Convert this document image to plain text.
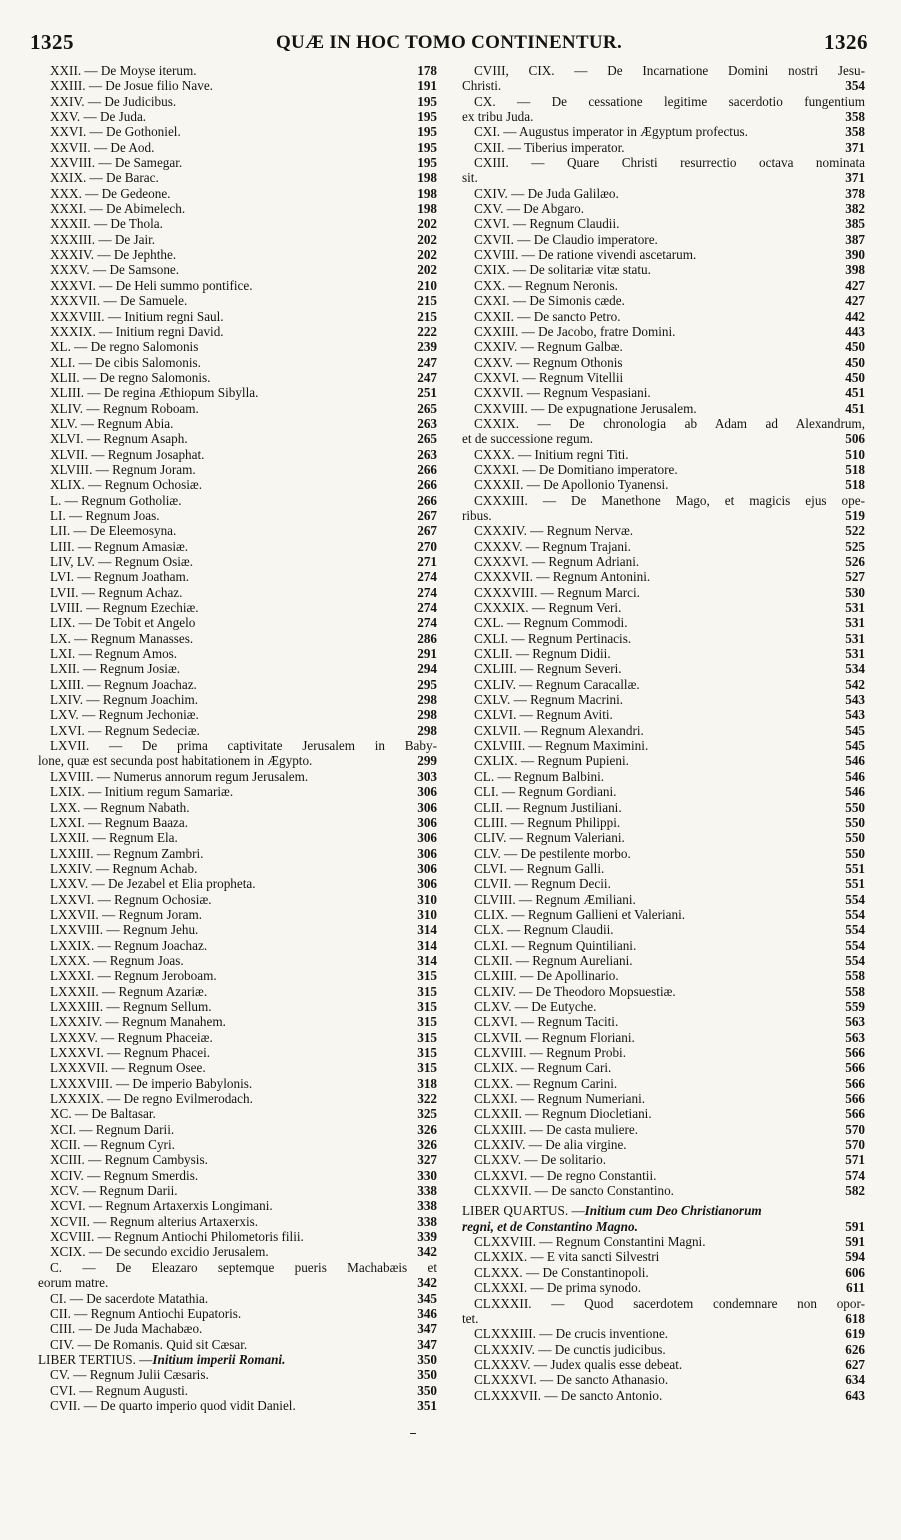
1325	QUÆ IN HOC TOMO CONTINENTUR.	1326
XXII. — De Moyse iterum.	178
XXIII. — De Josue filio Nave.	191
XXIV. — De Judicibus.	195
XXV. — De Juda.	195
XXVI. — De Gothoniel.	195
XXVII. — De Aod.	195
XXVIII. — De Samegar.	195
XXIX. — De Barac.	198
XXX. — De Gedeone.	198
XXXI. — De Abimelech.	198
XXXII. — De Thola.	202
XXXIII. — De Jair.	202
XXXIV. — De Jephthe.	202
XXXV. — De Samsone.	202
XXXVI. — De Heli summo pontifice.	210
XXXVII. — De Samuele.	215
XXXVIII. — Initium regni Saul.	215
XXXIX. — Initium regni David.	222
XL. — De regno Salomonis	239
XLI. — De cibis Salomonis.	247
XLII. — De regno Salomonis.	247
XLIII. — De regina Æthiopum Sibylla.	251
XLIV. — Regnum Roboam.	265
XLV. — Regnum Abia.	263
XLVI. — Regnum Asaph.	265
XLVII. — Regnum Josaphat.	263
XLVIII. — Regnum Joram.	266
XLIX. — Regnum Ochosiæ.	266
L. — Regnum Gotholiæ.	266
LI. — Regnum Joas.	267
LII. — De Eleemosyna.	267
LIII. — Regnum Amasiæ.	270
LIV, LV. — Regnum Osiæ.	271
LVI. — Regnum Joatham.	274
LVII. — Regnum Achaz.	274
LVIII. — Regnum Ezechiæ.	274
LIX. — De Tobit et Angelo	274
LX. — Regnum Manasses.	286
LXI. — Regnum Amos.	291
LXII. — Regnum Josiæ.	294
LXIII. — Regnum Joachaz.	295
LXIV. — Regnum Joachim.	298
LXV. — Regnum Jechoniæ.	298
LXVI. — Regnum Sedeciæ.	298
LXVII. — De prima captivitate Jerusalem in Baby-
lone, quæ est secunda post habitationem in Ægypto.	299
LXVIII. — Numerus annorum regum Jerusalem.	303
LXIX. — Initium regum Samariæ.	306
LXX. — Regnum Nabath.	306
LXXI. — Regnum Baaza.	306
LXXII. — Regnum Ela.	306
LXXIII. — Regnum Zambri.	306
LXXIV. — Regnum Achab.	306
LXXV. — De Jezabel et Elia propheta.	306
LXXVI. — Regnum Ochosiæ.	310
LXXVII. — Regnum Joram.	310
LXXVIII. — Regnum Jehu.	314
LXXIX. — Regnum Joachaz.	314
LXXX. — Regnum Joas.	314
LXXXI. — Regnum Jeroboam.	315
LXXXII. — Regnum Azariæ.	315
LXXXIII. — Regnum Sellum.	315
LXXXIV. — Regnum Manahem.	315
LXXXV. — Regnum Phaceiæ.	315
LXXXVI. — Regnum Phacei.	315
LXXXVII. — Regnum Osee.	315
LXXXVIII. — De imperio Babylonis.	318
LXXXIX. — De regno Evilmerodach.	322
XC. — De Baltasar.	325
XCI. — Regnum Darii.	326
XCII. — Regnum Cyri.	326
XCIII. — Regnum Cambysis.	327
XCIV. — Regnum Smerdis.	330
XCV. — Regnum Darii.	338
XCVI. — Regnum Artaxerxis Longimani.	338
XCVII. — Regnum alterius Artaxerxis.	338
XCVIII. — Regnum Antiochi Philometoris filii.	339
XCIX. — De secundo excidio Jerusalem.	342
C. — De Eleazaro septemque pueris Machabæis et
eorum matre.	342
CI. — De sacerdote Matathia.	345
CII. — Regnum Antiochi Eupatoris.	346
CIII. — De Juda Machabæo.	347
CIV. — De Romanis. Quid sit Cæsar.	347
LIBER TERTIUS. — Initium imperii Romani.	350
CV. — Regnum Julii Cæsaris.	350
CVI. — Regnum Augusti.	350
CVII. — De quarto imperio quod vidit Daniel.	351
CVIII, CIX. — De Incarnatione Domini nostri Jesu-
Christi.	354
CX. — De cessatione legitime sacerdotio fungentium
ex tribu Juda.	358
CXI. — Augustus imperator in Ægyptum profectus.	358
CXII. — Tiberius imperator.	371
CXIII. — Quare Christi resurrectio octava nominata
sit.	371
CXIV. — De Juda Galilæo.	378
CXV. — De Abgaro.	382
CXVI. — Regnum Claudii.	385
CXVII. — De Claudio imperatore.	387
CXVIII. — De ratione vivendi ascetarum.	390
CXIX. — De solitariæ vitæ statu.	398
CXX. — Regnum Neronis.	427
CXXI. — De Simonis cæde.	427
CXXII. — De sancto Petro.	442
CXXIII. — De Jacobo, fratre Domini.	443
CXXIV. — Regnum Galbæ.	450
CXXV. — Regnum Othonis	450
CXXVI. — Regnum Vitellii	450
CXXVII. — Regnum Vespasiani.	451
CXXVIII. — De expugnatione Jerusalem.	451
CXXIX. — De chronologia ab Adam ad Alexandrum,
et de successione regum.	506
CXXX. — Initium regni Titi.	510
CXXXI. — De Domitiano imperatore.	518
CXXXII. — De Apollonio Tyanensi.	518
CXXXIII. — De Manethone Mago, et magicis ejus ope-
ribus.	519
CXXXIV. — Regnum Nervæ.	522
CXXXV. — Regnum Trajani.	525
CXXXVI. — Regnum Adriani.	526
CXXXVII. — Regnum Antonini.	527
CXXXVIII. — Regnum Marci.	530
CXXXIX. — Regnum Veri.	531
CXL. — Regnum Commodi.	531
CXLI. — Regnum Pertinacis.	531
CXLII. — Regnum Didii.	531
CXLIII. — Regnum Severi.	534
CXLIV. — Regnum Caracallæ.	542
CXLV. — Regnum Macrini.	543
CXLVI. — Regnum Aviti.	543
CXLVII. — Regnum Alexandri.	545
CXLVIII. — Regnum Maximini.	545
CXLIX. — Regnum Pupieni.	546
CL. — Regnum Balbini.	546
CLI. — Regnum Gordiani.	546
CLII. — Regnum Justiliani.	550
CLIII. — Regnum Philippi.	550
CLIV. — Regnum Valeriani.	550
CLV. — De pestilente morbo.	550
CLVI. — Regnum Galli.	551
CLVII. — Regnum Decii.	551
CLVIII. — Regnum Æmiliani.	554
CLIX. — Regnum Gallieni et Valeriani.	554
CLX. — Regnum Claudii.	554
CLXI. — Regnum Quintiliani.	554
CLXII. — Regnum Aureliani.	554
CLXIII. — De Apollinario.	558
CLXIV. — De Theodoro Mopsuestiæ.	558
CLXV. — De Eutyche.	559
CLXVI. — Regnum Taciti.	563
CLXVII. — Regnum Floriani.	563
CLXVIII. — Regnum Probi.	566
CLXIX. — Regnum Cari.	566
CLXX. — Regnum Carini.	566
CLXXI. — Regnum Numeriani.	566
CLXXII. — Regnum Diocletiani.	566
CLXXIII. — De casta muliere.	570
CLXXIV. — De alia virgine.	570
CLXXV. — De solitario.	571
CLXXVI. — De regno Constantii.	574
CLXXVII. — De sancto Constantino.	582
LIBER QUARTUS. — Initium cum Deo Christianorum
regni, et de Constantino Magno.	591
CLXXVIII. — Regnum Constantini Magni.	591
CLXXIX. — E vita sancti Silvestri	594
CLXXX. — De Constantinopoli.	606
CLXXXI. — De prima synodo.	611
CLXXXII. — Quod sacerdotem condemnare non opor-
tet.	618
CLXXXIII. — De crucis inventione.	619
CLXXXIV. — De cunctis judicibus.	626
CLXXXV. — Judex qualis esse debeat.	627
CLXXXVI. — De sancto Athanasio.	634
CLXXXVII. — De sancto Antonio.	643
